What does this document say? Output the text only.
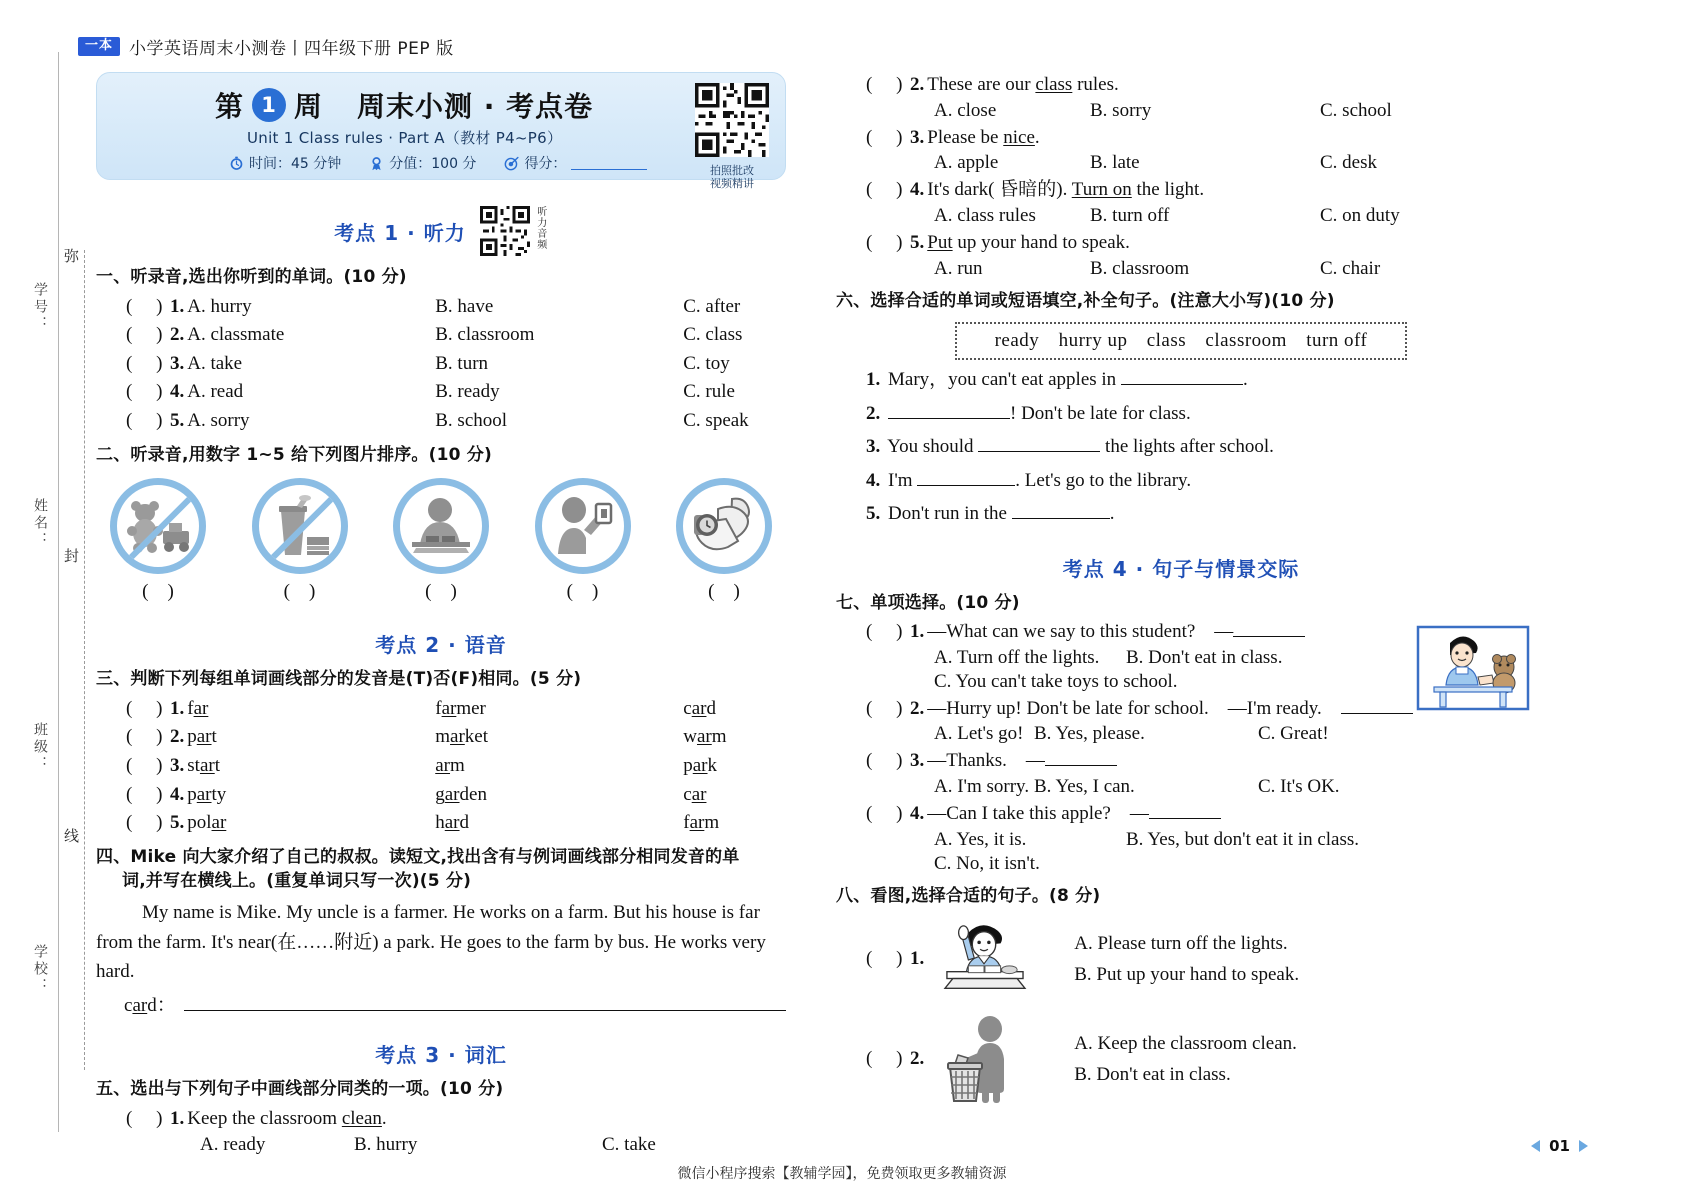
一本 小学英语周末小测卷丨四年级下册 PEP 版
弥
封
线
学号：
姓名：
班级：
学校：
第 1 周 周末小测 · 考点卷
Unit 1 Class rules · Part A（教材 P4~P6）
时间：45 分钟	分值：100 分	得分：	拍照批改
视频精讲
考点 1 · 听力	听力音频
一、听录音,选出你听到的单词。(10 分)
(     ) 1. A. hurry	B. have	C. after
(     ) 2. A. classmate	B. classroom	C. class
(     ) 3. A. take	B. turn	C. toy
(     ) 4. A. read	B. ready	C. rule
(     ) 5. A. sorry	B. school	C. speak
二、听录音,用数字 1~5 给下列图片排序。(10 分)
(    )	(    )	(    )	(    )	(    )
考点 2 · 语音
三、判断下列每组单词画线部分的发音是(T)否(F)相同。(5 分)
(     ) 1. far	farmer	card
(     ) 2. part	market	warm
(     ) 3. start	arm	park
(     ) 4. party	garden	car
(     ) 5. polar	hard	farm
四、Mike 向大家介绍了自己的叔叔。读短文,找出含有与例词画线部分相同发音的单
词,并写在横线上。(重复单词只写一次)(5 分)
My name is Mike. My uncle is a farmer. He works on a farm. But his house is far from the farm. It's near(在……附近) a park. He goes to the farm by bus. He works very hard.
card：
考点 3 · 词汇
五、选出与下列句子中画线部分同类的一项。(10 分)
(     ) 1. Keep the classroom clean.
A. ready	B. hurry	C. take
(     ) 2. These are our class rules.
A. close	B. sorry	C. school
(     ) 3. Please be nice.
A. apple	B. late	C. desk
(     ) 4. It's dark( 昏暗的). Turn on the light.
A. class rules	B. turn off	C. on duty
(     ) 5. Put up your hand to speak.
A. run	B. classroom	C. chair
六、选择合适的单词或短语填空,补全句子。(注意大小写)(10 分)
ready hurry up class classroom turn off
1. Mary，you can't eat apples in	.
2.	! Don't be late for class.
3. You should	the lights after school.
4. I'm	. Let's go to the library.
5. Don't run in the	.
考点 4 · 句子与情景交际
七、单项选择。(10 分)
(     ) 1. —What can we say to this student?　—
A. Turn off the lights.	B. Don't eat in class.
C. You can't take toys to school.
(     ) 2. —Hurry up! Don't be late for school.　—I'm ready.　
A. Let's go! B. Yes, please.	C. Great!
(     ) 3. —Thanks.　—
A. I'm sorry. B. Yes, I can.	C. It's OK.
(     ) 4. —Can I take this apple?　—
A. Yes, it is.	B. Yes, but don't eat it in class.
C. No, it isn't.
八、看图,选择合适的句子。(8 分)
(     ) 1.
A. Please turn off the lights.
B. Put up your hand to speak.
(     ) 2.
A. Keep the classroom clean.
B. Don't eat in class.
01
微信小程序搜索【教辅学园】，免费领取更多教辅资源
